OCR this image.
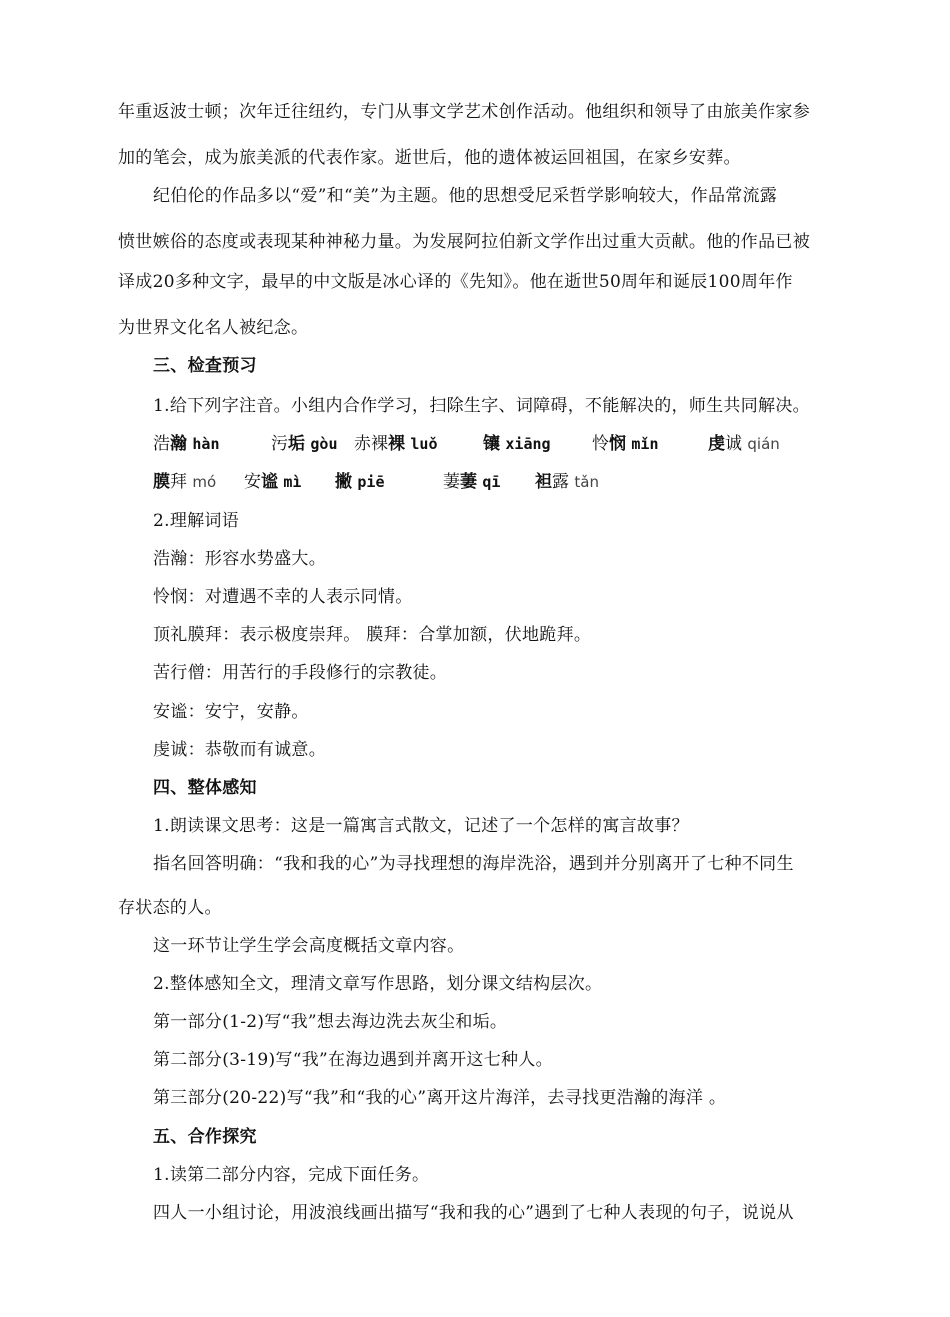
年重返波士顿；次年迁往纽约，专门从事文学艺术创作活动。他组织和领导了由旅美作家参
加的笔会，成为旅美派的代表作家。逝世后，他的遗体被运回祖国，在家乡安葬。
纪伯伦的作品多以“爱”和“美”为主题。他的思想受尼采哲学影响较大，作品常流露
愤世嫉俗的态度或表现某种神秘力量。为发展阿拉伯新文学作出过重大贡献。他的作品已被
译成20多种文字，最早的中文版是冰心译的《先知》。他在逝世50周年和诞辰100周年作
为世界文化名人被纪念。
三、检查预习
1.给下列字注音。小组内合作学习，扫除生字、词障碍，不能解决的，师生共同解决。
浩瀚 hàn	污垢 gòu 赤裸裸 luǒ	镶 xiāng 怜悯 mǐn	虔诚 qián
膜拜 mó 安谧 mì 撇 piē	萋萋 qī 袒露 tǎn
2.理解词语
浩瀚：形容水势盛大。
怜悯：对遭遇不幸的人表示同情。
顶礼膜拜：表示极度崇拜。 膜拜：合掌加额，伏地跪拜。
苦行僧：用苦行的手段修行的宗教徒。
安谧：安宁，安静。
虔诚：恭敬而有诚意。
四、整体感知
1.朗读课文思考：这是一篇寓言式散文，记述了一个怎样的寓言故事？
指名回答明确：“我和我的心”为寻找理想的海岸洗浴，遇到并分别离开了七种不同生
存状态的人。
这一环节让学生学会高度概括文章内容。
2.整体感知全文，理清文章写作思路，划分课文结构层次。
第一部分(1-2)写“我”想去海边洗去灰尘和垢。
第二部分(3-19)写“我”在海边遇到并离开这七种人。
第三部分(20-22)写“我”和“我的心”离开这片海洋，去寻找更浩瀚的海洋 。
五、合作探究
1.读第二部分内容，完成下面任务。
四人一小组讨论，用波浪线画出描写“我和我的心”遇到了七种人表现的句子，说说从
